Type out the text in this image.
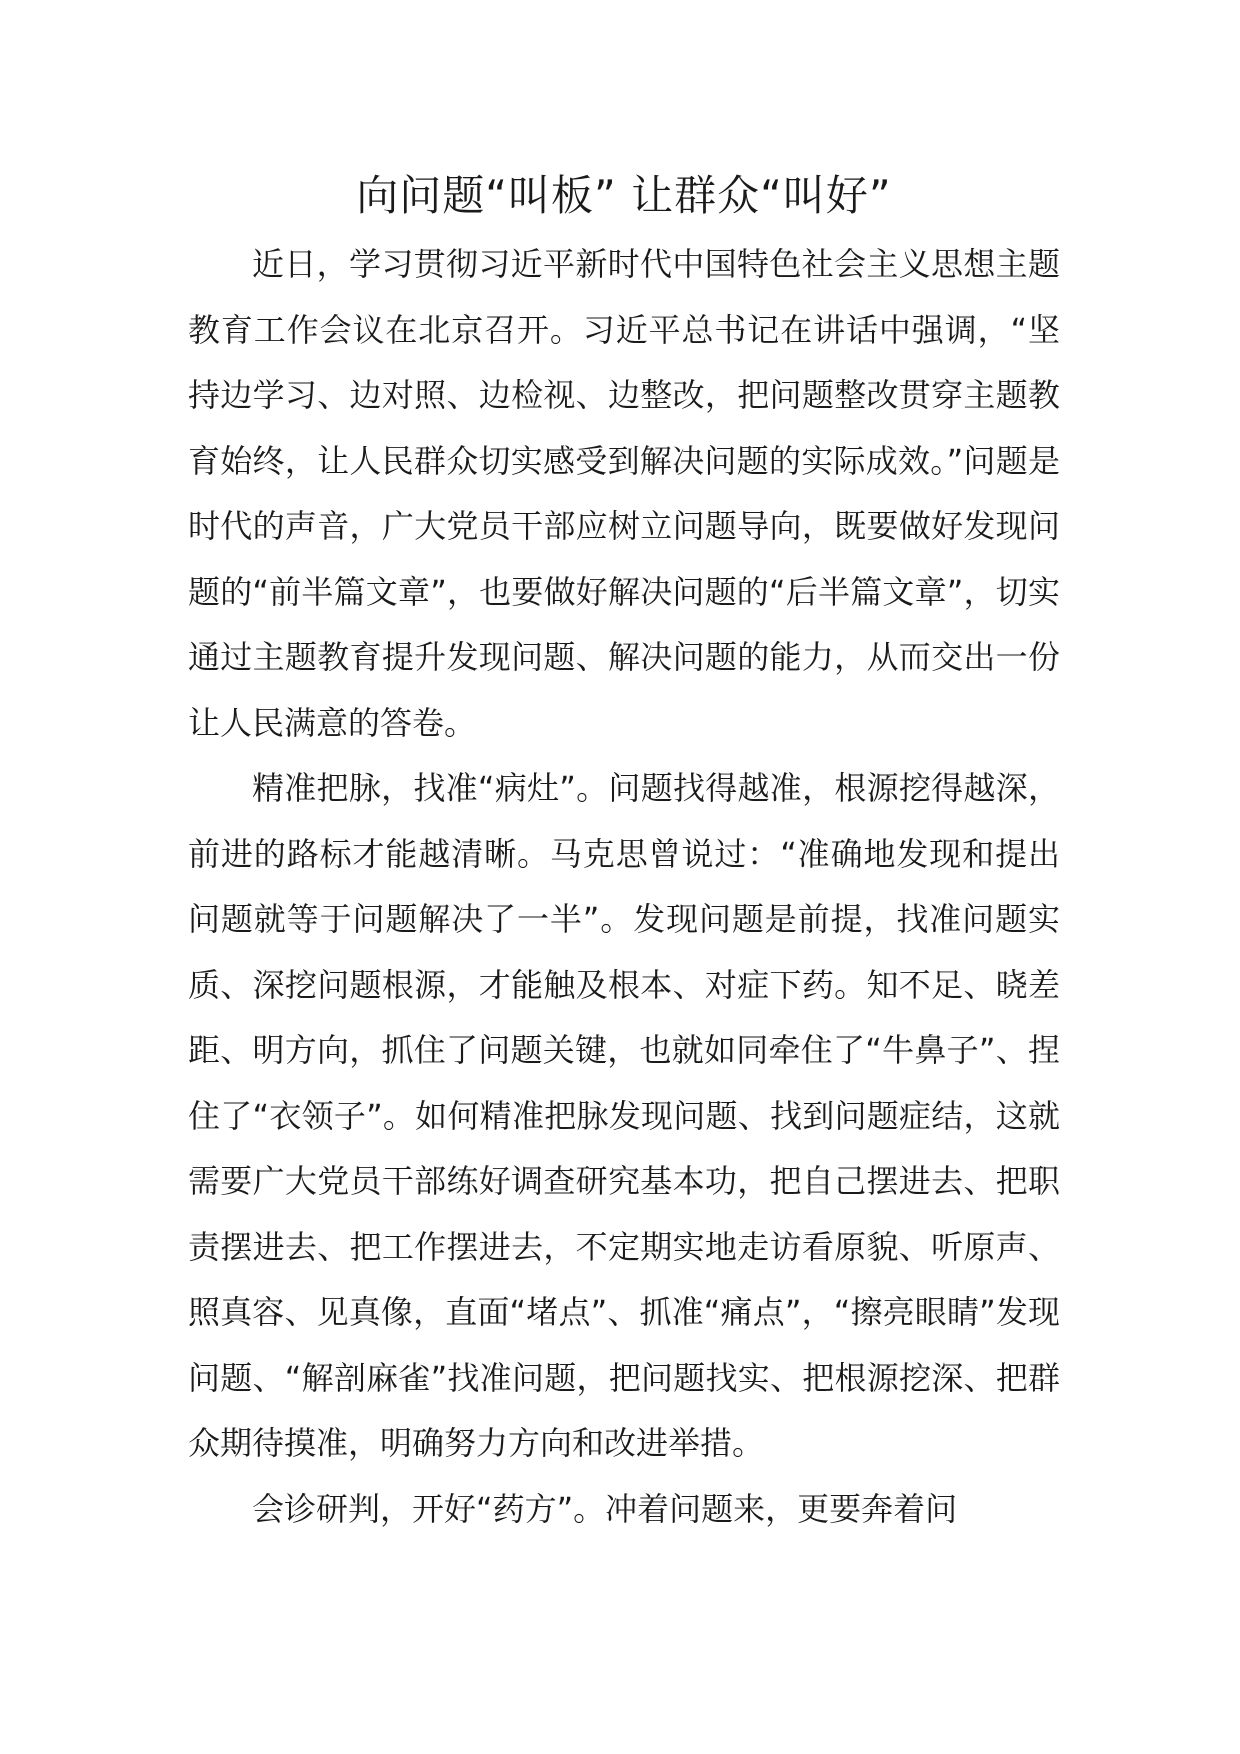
向问题“叫板” 让群众“叫好”

近日，学习贯彻习近平新时代中国特色社会主义思想主题教育工作会议在北京召开。习近平总书记在讲话中强调，“坚持边学习、边对照、边检视、边整改，把问题整改贯穿主题教育始终，让人民群众切实感受到解决问题的实际成效。”问题是时代的声音，广大党员干部应树立问题导向，既要做好发现问题的“前半篇文章”，也要做好解决问题的“后半篇文章”，切实通过主题教育提升发现问题、解决问题的能力，从而交出一份让人民满意的答卷。

精准把脉，找准“病灶”。问题找得越准，根源挖得越深，前进的路标才能越清晰。马克思曾说过：“准确地发现和提出问题就等于问题解决了一半”。发现问题是前提，找准问题实质、深挖问题根源，才能触及根本、对症下药。知不足、晓差距、明方向，抓住了问题关键，也就如同牵住了“牛鼻子”、捏住了“衣领子”。如何精准把脉发现问题、找到问题症结，这就需要广大党员干部练好调查研究基本功，把自己摆进去、把职责摆进去、把工作摆进去，不定期实地走访看原貌、听原声、照真容、见真像，直面“堵点”、抓准“痛点”，“擦亮眼睛”发现问题、“解剖麻雀”找准问题，把问题找实、把根源挖深、把群众期待摸准，明确努力方向和改进举措。

会诊研判，开好“药方”。冲着问题来，更要奔着问
